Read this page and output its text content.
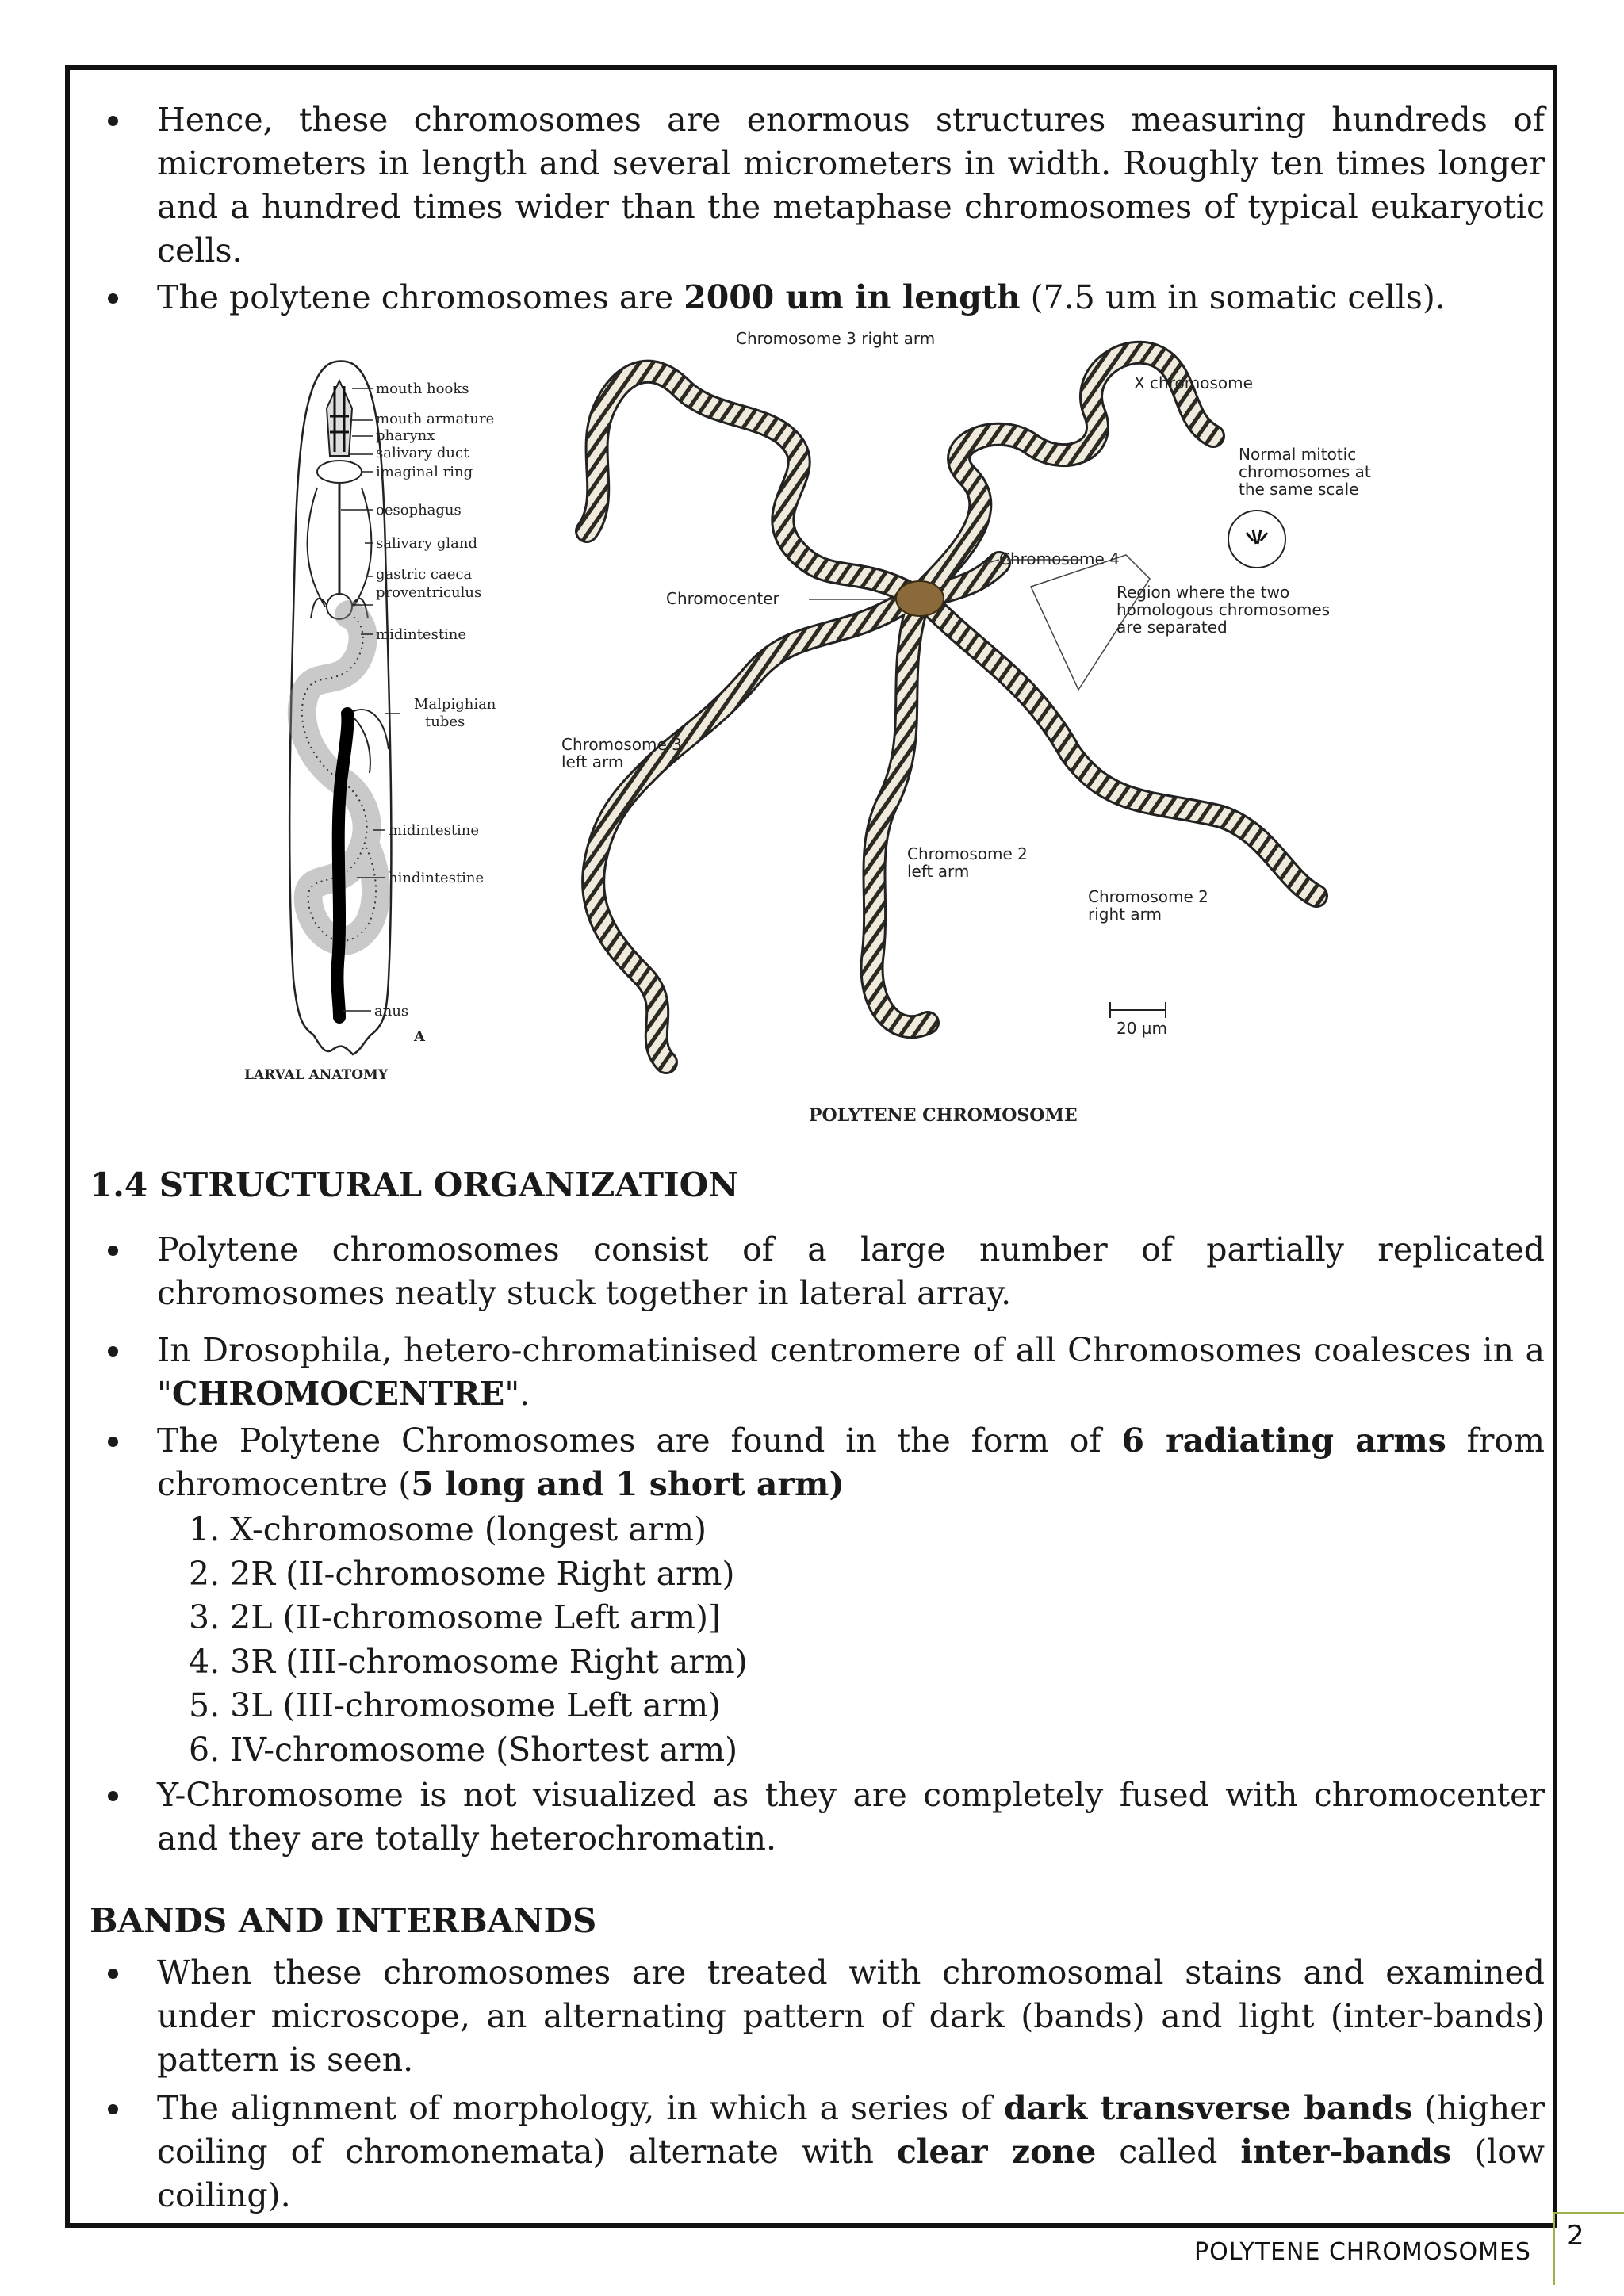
Hence, these chromosomes are enormous structures measuring hundreds of micrometers in length and several micrometers in width. Roughly ten times longer and a hundred times wider than the metaphase chromosomes of typical eukaryotic cells.
The polytene chromosomes are 2000 um in length (7.5 um in somatic cells).
mouth hooks
mouth armature
pharynx
salivary duct
imaginal ring
oesophagus
salivary gland
gastric caeca
proventriculus
midintestine
Malpighian
tubes
midintestine
hindintestine
anus
A
LARVAL ANATOMY
Chromosome 3 right arm
X chromosome
Normal mitotic
chromosomes at
the same scale
Chromosome 4
Chromocenter	Region where the two
homologous chromosomes
are separated
Chromosome 3
left arm
Chromosome 2
left arm
Chromosome 2
right arm
20 µm
POLYTENE CHROMOSOME
1.4 STRUCTURAL ORGANIZATION
Polytene chromosomes consist of a large number of partially replicated chromosomes neatly stuck together in lateral array.
In Drosophila, hetero-chromatinised centromere of all Chromosomes coalesces in a "CHROMOCENTRE".
The Polytene Chromosomes are found in the form of 6 radiating arms from chromocentre (5 long and 1 short arm)
1. X-chromosome (longest arm)
2. 2R (II-chromosome Right arm)
3. 2L (II-chromosome Left arm)]
4. 3R (III-chromosome Right arm)
5. 3L (III-chromosome Left arm)
6. IV-chromosome (Shortest arm)
Y-Chromosome is not visualized as they are completely fused with chromocenter and they are totally heterochromatin.
BANDS AND INTERBANDS
When these chromosomes are treated with chromosomal stains and examined under microscope, an alternating pattern of dark (bands) and light (inter-bands) pattern is seen.
The alignment of morphology, in which a series of dark transverse bands (higher coiling of chromonemata) alternate with clear zone called inter-bands (low coiling).
2
POLYTENE CHROMOSOMES
